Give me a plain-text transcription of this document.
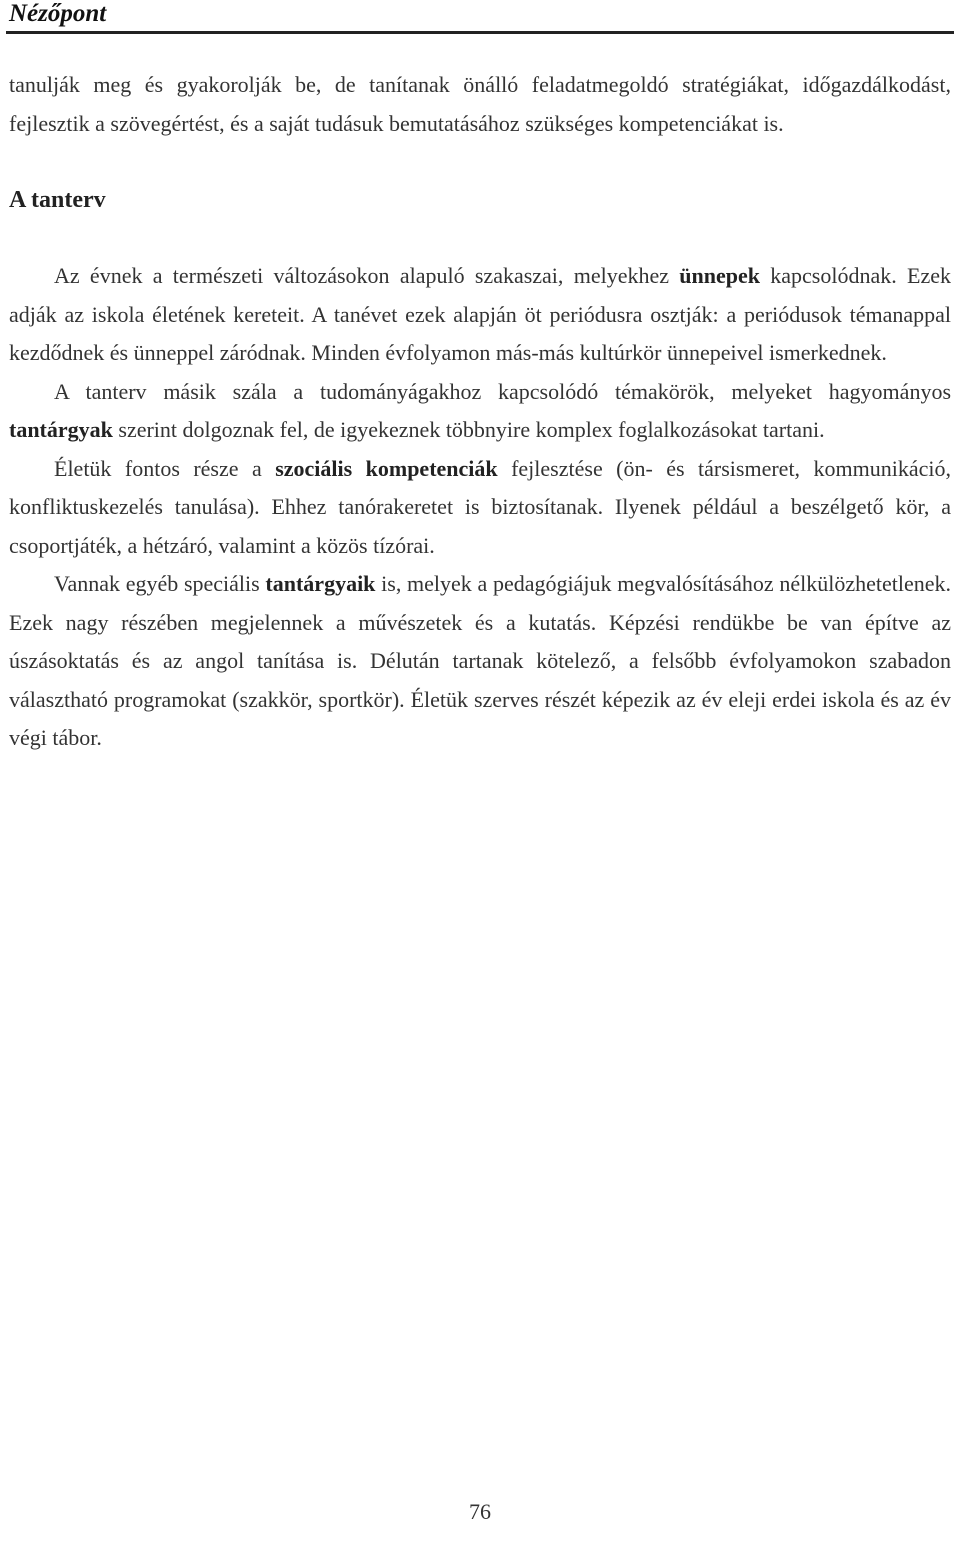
Nézőpont

tanulják meg és gyakorolják be, de tanítanak önálló feladatmegoldó stratégiákat, időgazdálkodást, fejlesztik a szövegértést, és a saját tudásuk bemutatásához szükséges kompetenciákat is.

A tanterv

Az évnek a természeti változásokon alapuló szakaszai, melyekhez ünnepek kapcsolódnak. Ezek adják az iskola életének kereteit. A tanévet ezek alapján öt periódusra osztják: a periódusok témanappal kezdődnek és ünneppel záródnak. Minden évfolyamon más-más kultúrkör ünnepeivel ismerkednek.

A tanterv másik szála a tudományágakhoz kapcsolódó témakörök, melyeket hagyományos tantárgyak szerint dolgoznak fel, de igyekeznek többnyire komplex foglalkozásokat tartani.

Életük fontos része a szociális kompetenciák fejlesztése (ön- és társismeret, kommunikáció, konfliktuskezelés tanulása). Ehhez tanórakeretet is biztosítanak. Ilyenek például a beszélgető kör, a csoportjáték, a hétzáró, valamint a közös tízórai.

Vannak egyéb speciális tantárgyaik is, melyek a pedagógiájuk megvalósításához nélkülözhetetlenek. Ezek nagy részében megjelennek a művészetek és a kutatás. Képzési rendükbe be van építve az úszásoktatás és az angol tanítása is. Délután tartanak kötelező, a felsőbb évfolyamokon szabadon választható programokat (szakkör, sportkör). Életük szerves részét képezik az év eleji erdei iskola és az év végi tábor.

76
